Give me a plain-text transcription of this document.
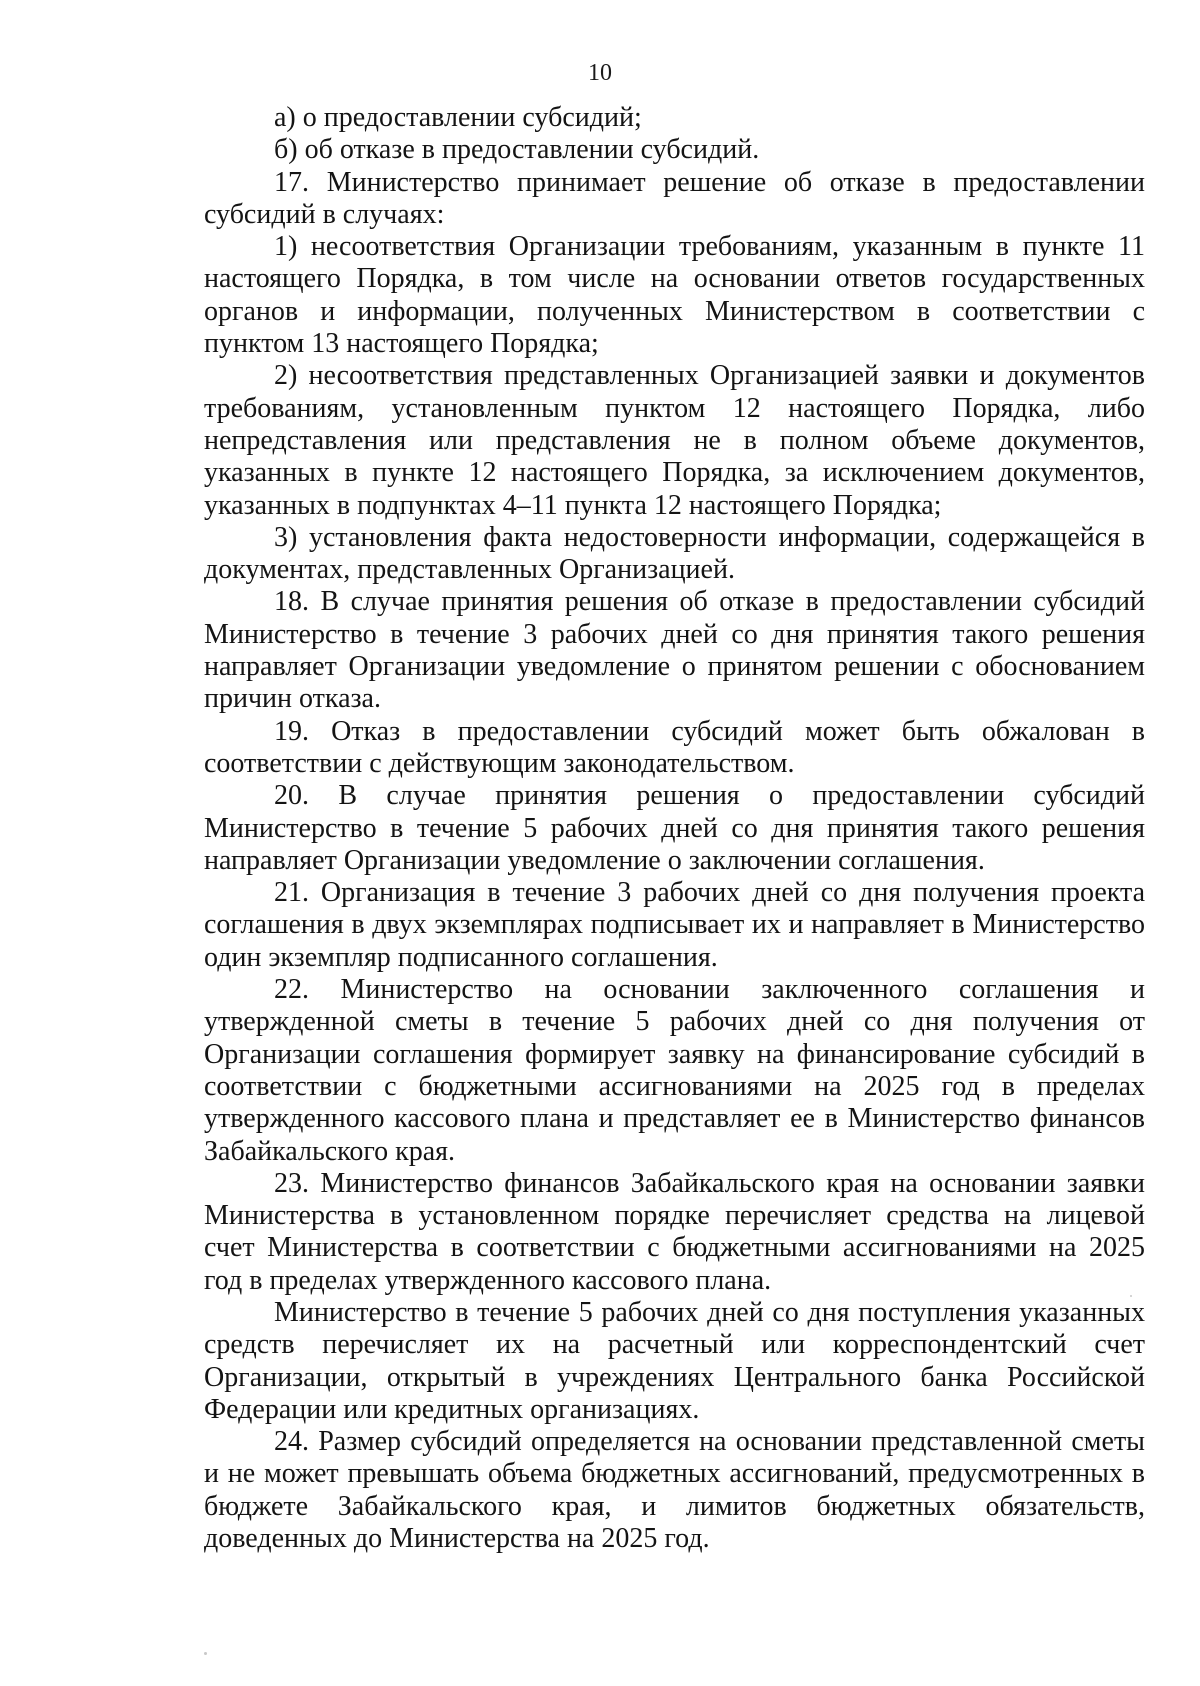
10

а) о предоставлении субсидий;

б) об отказе в предоставлении субсидий.

17. Министерство принимает решение об отказе в предоставлении субсидий в случаях:

1) несоответствия Организации требованиям, указанным в пункте 11 настоящего Порядка, в том числе на основании ответов государственных органов и информации, полученных Министерством в соответствии с пунктом 13 настоящего Порядка;

2) несоответствия представленных Организацией заявки и документов требованиям, установленным пунктом 12 настоящего Порядка, либо непредставления или представления не в полном объеме документов, указанных в пункте 12 настоящего Порядка, за исключением документов, указанных в подпунктах 4–11 пункта 12 настоящего Порядка;

3) установления факта недостоверности информации, содержащейся в документах, представленных Организацией.

18. В случае принятия решения об отказе в предоставлении субсидий Министерство в течение 3 рабочих дней со дня принятия такого решения направляет Организации уведомление о принятом решении с обоснованием причин отказа.

19. Отказ в предоставлении субсидий может быть обжалован в соответствии с действующим законодательством.

20. В случае принятия решения о предоставлении субсидий Министерство в течение 5 рабочих дней со дня принятия такого решения направляет Организации уведомление о заключении соглашения.

21. Организация в течение 3 рабочих дней со дня получения проекта соглашения в двух экземплярах подписывает их и направляет в Министерство один экземпляр подписанного соглашения.

22. Министерство на основании заключенного соглашения и утвержденной сметы в течение 5 рабочих дней со дня получения от Организации соглашения формирует заявку на финансирование субсидий в соответствии с бюджетными ассигнованиями на 2025 год в пределах утвержденного кассового плана и представляет ее в Министерство финансов Забайкальского края.

23. Министерство финансов Забайкальского края на основании заявки Министерства в установленном порядке перечисляет средства на лицевой счет Министерства в соответствии с бюджетными ассигнованиями на 2025 год в пределах утвержденного кассового плана.

Министерство в течение 5 рабочих дней со дня поступления указанных средств перечисляет их на расчетный или корреспондентский счет Организации, открытый в учреждениях Центрального банка Российской Федерации или кредитных организациях.

24. Размер субсидий определяется на основании представленной сметы и не может превышать объема бюджетных ассигнований, предусмотренных в бюджете Забайкальского края, и лимитов бюджетных обязательств, доведенных до Министерства на 2025 год.
